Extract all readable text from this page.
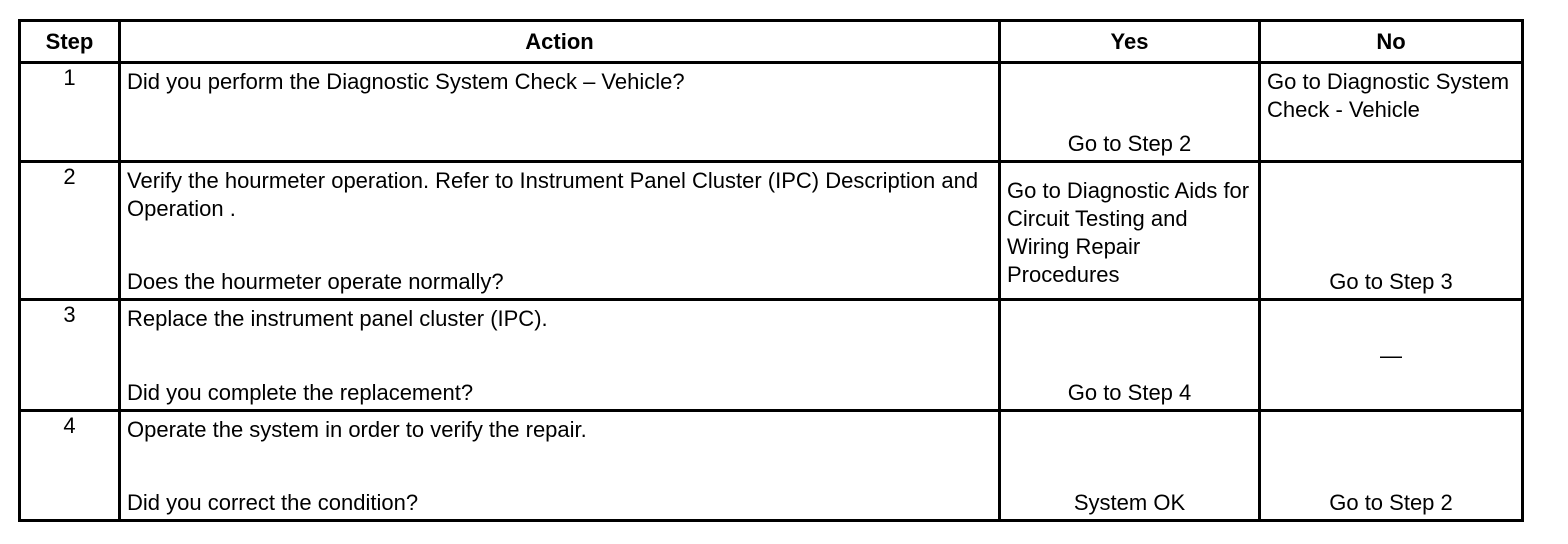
Step	Action	Yes	No
1	Did you perform the Diagnostic System Check – Vehicle?	Go to Step 2	Go to Diagnostic System Check - Vehicle

2	Verify the hourmeter operation. Refer to Instrument Panel Cluster (IPC) Description and Operation .
Does the hourmeter operate normally?	Go to Diagnostic Aids for Circuit Testing and Wiring Repair Procedures	Go to Step 3

3	Replace the instrument panel cluster (IPC).
Did you complete the replacement?	Go to Step 4	—

4	Operate the system in order to verify the repair.
Did you correct the condition?	System OK	Go to Step 2
